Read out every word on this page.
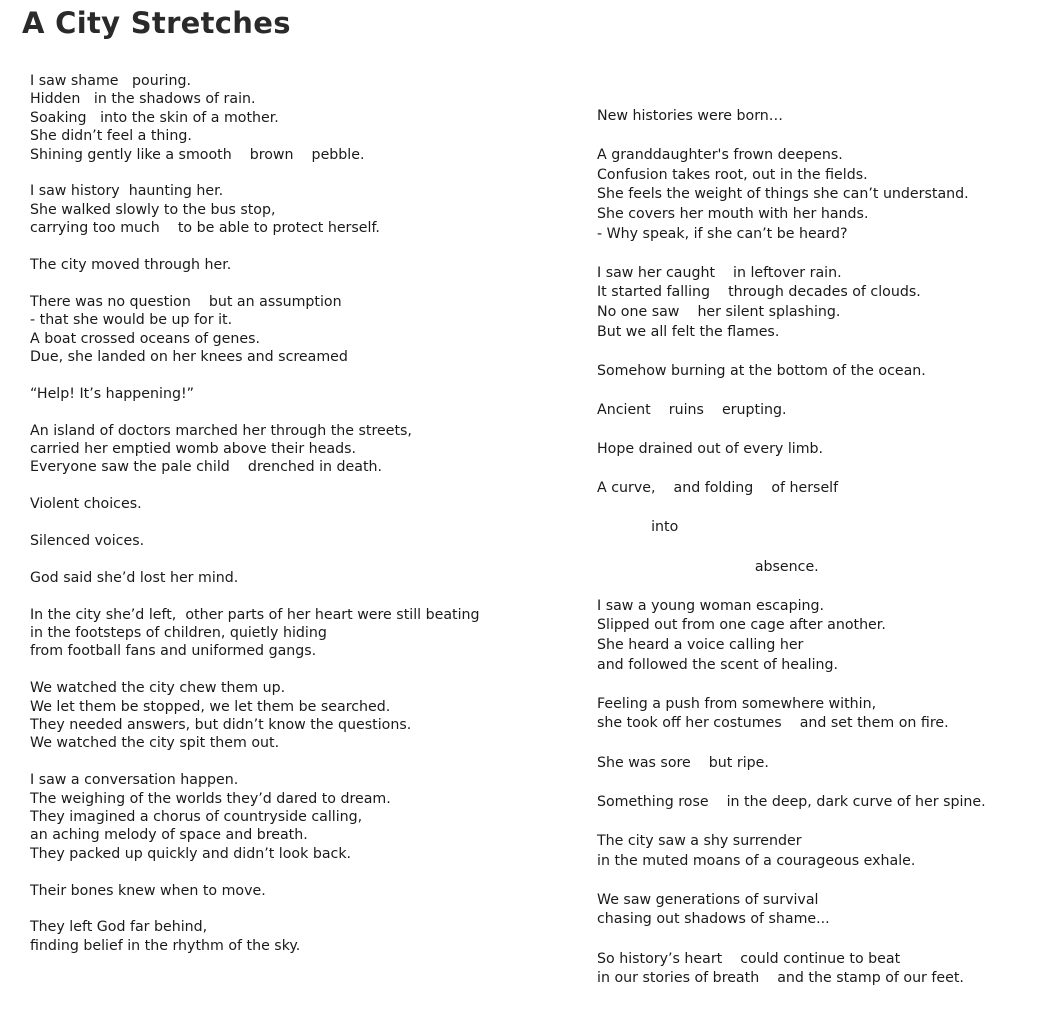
A City Stretches

I saw shame   pouring.
Hidden   in the shadows of rain.
Soaking   into the skin of a mother.
She didn’t feel a thing.
Shining gently like a smooth    brown    pebble.

I saw history  haunting her.
She walked slowly to the bus stop,
carrying too much    to be able to protect herself.

The city moved through her.

There was no question    but an assumption
- that she would be up for it.
A boat crossed oceans of genes.
Due, she landed on her knees and screamed

“Help! It’s happening!”

An island of doctors marched her through the streets,
carried her emptied womb above their heads.
Everyone saw the pale child    drenched in death.

Violent choices.

Silenced voices.

God said she’d lost her mind.

In the city she’d left,  other parts of her heart were still beating
in the footsteps of children, quietly hiding
from football fans and uniformed gangs.

We watched the city chew them up.
We let them be stopped, we let them be searched.
They needed answers, but didn’t know the questions.
We watched the city spit them out.

I saw a conversation happen.
The weighing of the worlds they’d dared to dream.
They imagined a chorus of countryside calling,
an aching melody of space and breath.
They packed up quickly and didn’t look back.

Their bones knew when to move.

They left God far behind,
finding belief in the rhythm of the sky.

New histories were born…

A granddaughter's frown deepens.
Confusion takes root, out in the fields.
She feels the weight of things she can’t understand.
She covers her mouth with her hands.
- Why speak, if she can’t be heard?

I saw her caught    in leftover rain.
It started falling    through decades of clouds.
No one saw    her silent splashing.
But we all felt the flames.

Somehow burning at the bottom of the ocean.

Ancient    ruins    erupting.

Hope drained out of every limb.

A curve,    and folding    of herself

into

absence.

I saw a young woman escaping.
Slipped out from one cage after another.
She heard a voice calling her
and followed the scent of healing.

Feeling a push from somewhere within,
she took off her costumes    and set them on fire.

She was sore    but ripe.

Something rose    in the deep, dark curve of her spine.

The city saw a shy surrender
in the muted moans of a courageous exhale.

We saw generations of survival
chasing out shadows of shame...

So history’s heart    could continue to beat
in our stories of breath    and the stamp of our feet.
